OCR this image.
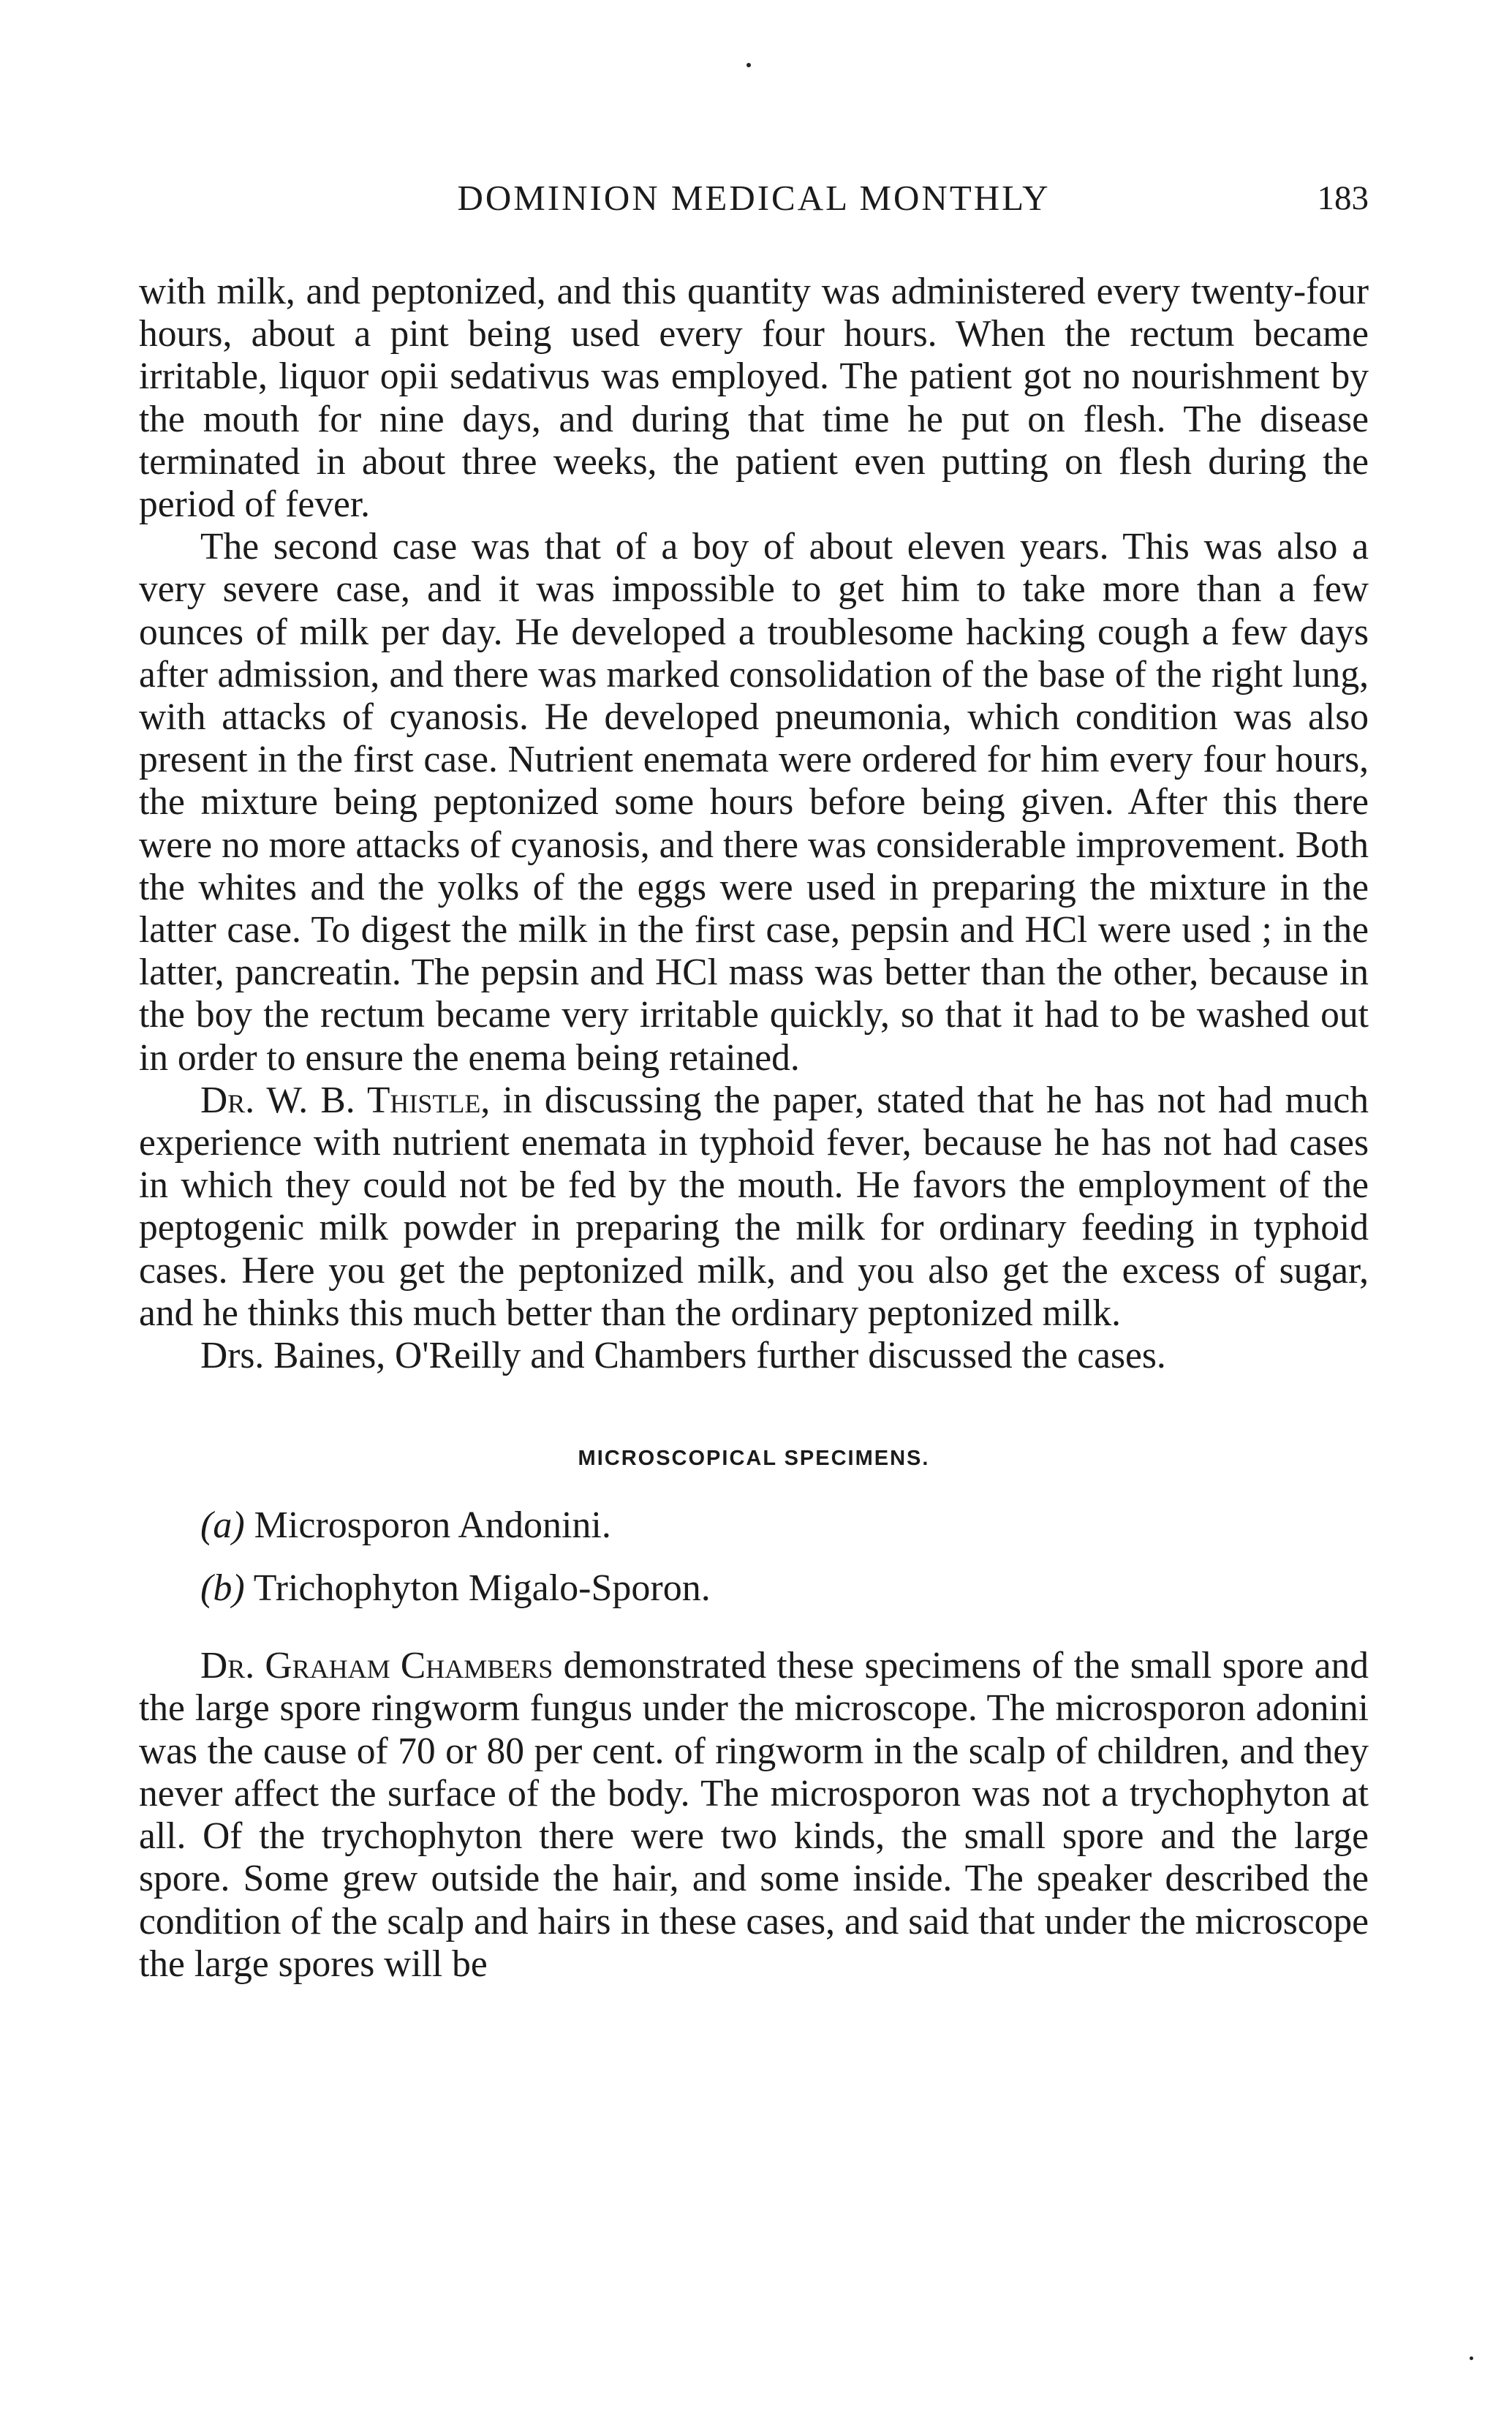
DOMINION MEDICAL MONTHLY	183

with milk, and peptonized, and this quantity was administered every twenty-four hours, about a pint being used every four hours. When the rectum became irritable, liquor opii sedativus was employed. The patient got no nourishment by the mouth for nine days, and during that time he put on flesh. The disease terminated in about three weeks, the patient even putting on flesh during the period of fever.

The second case was that of a boy of about eleven years. This was also a very severe case, and it was impossible to get him to take more than a few ounces of milk per day. He developed a troublesome hacking cough a few days after admission, and there was marked consolidation of the base of the right lung, with attacks of cyanosis. He developed pneumonia, which condition was also present in the first case. Nutrient enemata were ordered for him every four hours, the mixture being peptonized some hours before being given. After this there were no more attacks of cyanosis, and there was considerable improvement. Both the whites and the yolks of the eggs were used in preparing the mixture in the latter case. To digest the milk in the first case, pepsin and HCl were used ; in the latter, pancreatin. The pepsin and HCl mass was better than the other, because in the boy the rectum became very irritable quickly, so that it had to be washed out in order to ensure the enema being retained.

Dr. W. B. Thistle, in discussing the paper, stated that he has not had much experience with nutrient enemata in typhoid fever, because he has not had cases in which they could not be fed by the mouth. He favors the employment of the peptogenic milk powder in preparing the milk for ordinary feeding in typhoid cases. Here you get the peptonized milk, and you also get the excess of sugar, and he thinks this much better than the ordinary peptonized milk.

Drs. Baines, O'Reilly and Chambers further discussed the cases.

MICROSCOPICAL SPECIMENS.
(a) Microsporon Andonini.
(b) Trichophyton Migalo-Sporon.

Dr. Graham Chambers demonstrated these specimens of the small spore and the large spore ringworm fungus under the microscope. The microsporon adonini was the cause of 70 or 80 per cent. of ringworm in the scalp of children, and they never affect the surface of the body. The microsporon was not a trychophyton at all. Of the trychophyton there were two kinds, the small spore and the large spore. Some grew outside the hair, and some inside. The speaker described the condition of the scalp and hairs in these cases, and said that under the microscope the large spores will be
